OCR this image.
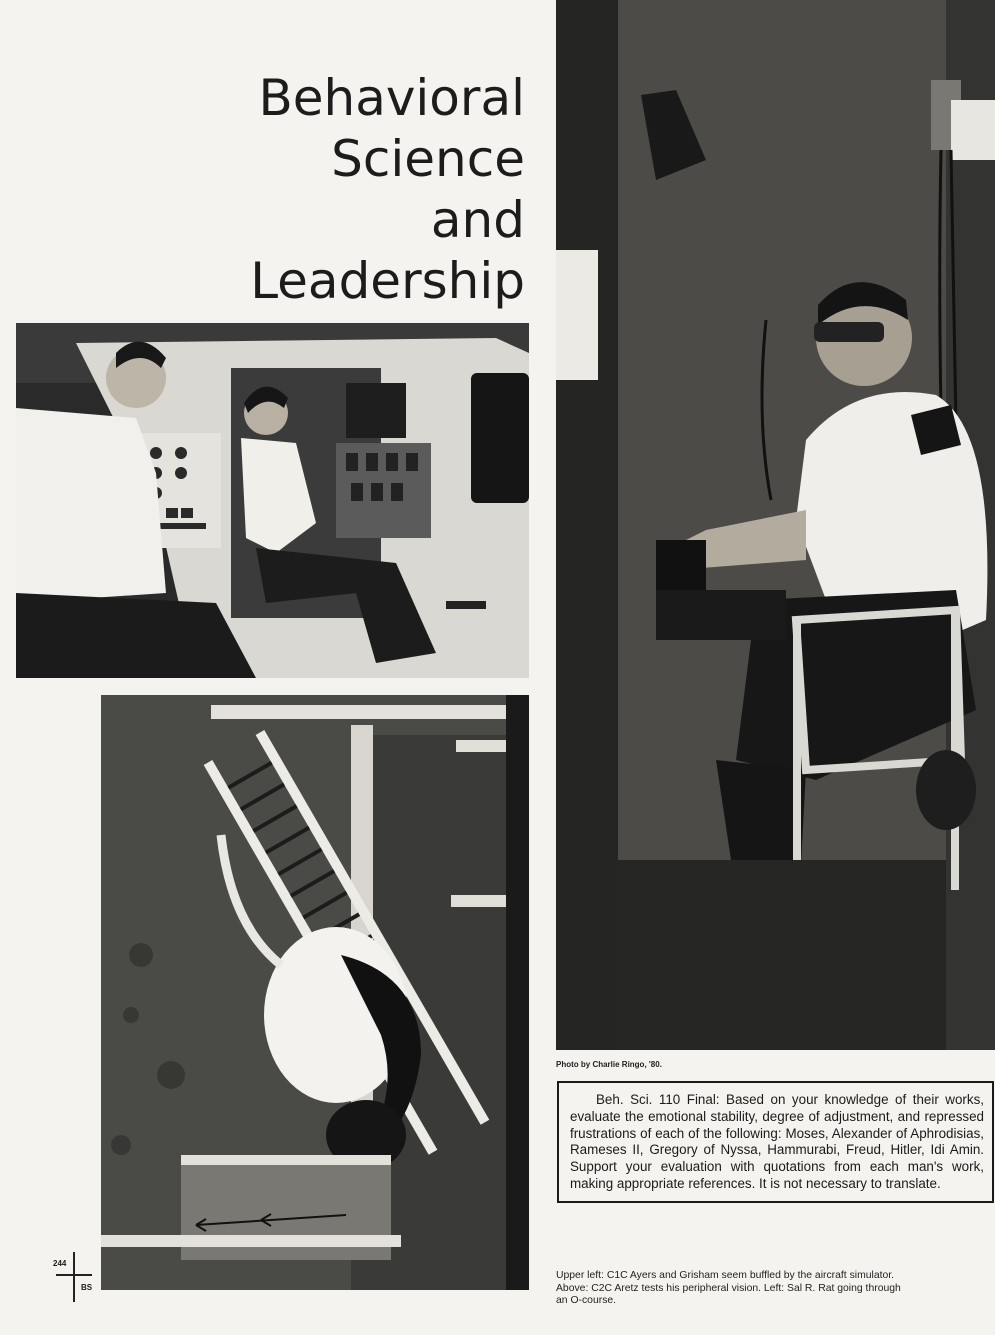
Behavioral
Science
and
Leadership
Photo by Charlie Ringo, '80.
Beh. Sci. 110 Final: Based on your knowledge of their works, evaluate the emotional stability, degree of adjustment, and repressed frustrations of each of the following: Moses, Alexander of Aphrodisias, Rameses II, Gregory of Nyssa, Hammurabi, Freud, Hitler, Idi Amin. Support your evaluation with quotations from each man's work, making appropriate references. It is not necessary to translate.
Upper left: C1C Ayers and Grisham seem buffled by the aircraft simulator.
Above: C2C Aretz tests his peripheral vision. Left: Sal R. Rat going through
an O-course.
244
BS
